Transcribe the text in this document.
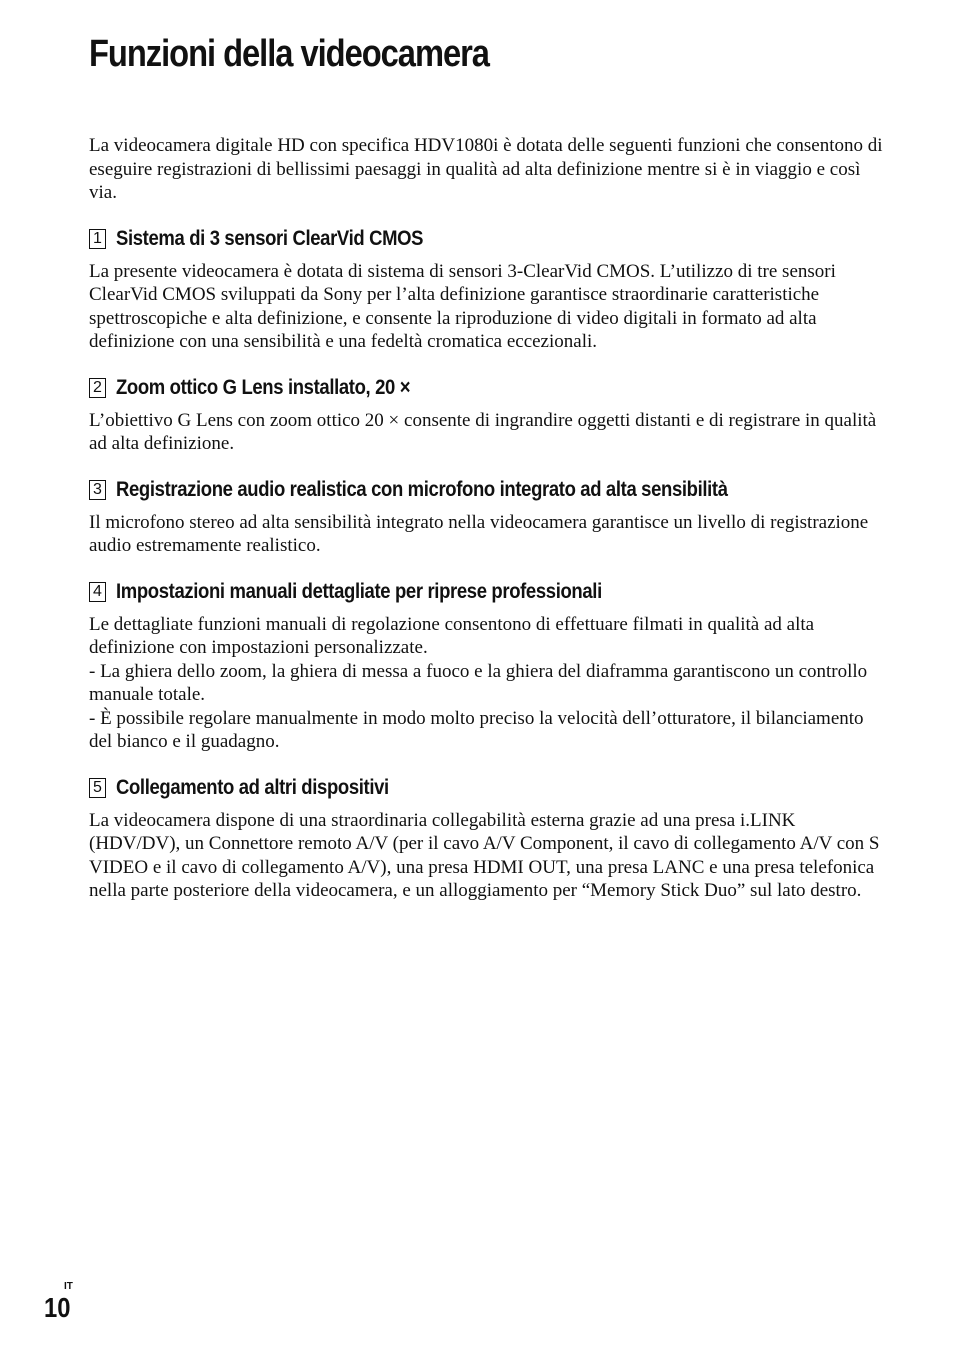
Funzioni della videocamera

La videocamera digitale HD con specifica HDV1080i è dotata delle seguenti funzioni che consentono di eseguire registrazioni di bellissimi paesaggi in qualità ad alta definizione mentre si è in viaggio e così via.

1 Sistema di 3 sensori ClearVid CMOS

La presente videocamera è dotata di sistema di sensori 3-ClearVid CMOS. L’utilizzo di tre sensori ClearVid CMOS sviluppati da Sony per l’alta definizione garantisce straordinarie caratteristiche spettroscopiche e alta definizione, e consente la riproduzione di video digitali in formato ad alta definizione con una sensibilità e una fedeltà cromatica eccezionali.

2 Zoom ottico G Lens installato, 20 ×

L’obiettivo G Lens con zoom ottico 20 × consente di ingrandire oggetti distanti e di registrare in qualità ad alta definizione.

3 Registrazione audio realistica con microfono integrato ad alta sensibilità

Il microfono stereo ad alta sensibilità integrato nella videocamera garantisce un livello di registrazione audio estremamente realistico.

4 Impostazioni manuali dettagliate per riprese professionali

Le dettagliate funzioni manuali di regolazione consentono di effettuare filmati in qualità ad alta definizione con impostazioni personalizzate.

- La ghiera dello zoom, la ghiera di messa a fuoco e la ghiera del diaframma garantiscono un controllo manuale totale.

- È possibile regolare manualmente in modo molto preciso la velocità dell’otturatore, il bilanciamento del bianco e il guadagno.

5 Collegamento ad altri dispositivi

La videocamera dispone di una straordinaria collegabilità esterna grazie ad una presa i.LINK (HDV/DV), un Connettore remoto A/V (per il cavo A/V Component, il cavo di collegamento A/V con S VIDEO e il cavo di collegamento A/V), una presa HDMI OUT, una presa LANC e una presa telefonica nella parte posteriore della videocamera, e un alloggiamento per “Memory Stick Duo” sul lato destro.

IT
10
